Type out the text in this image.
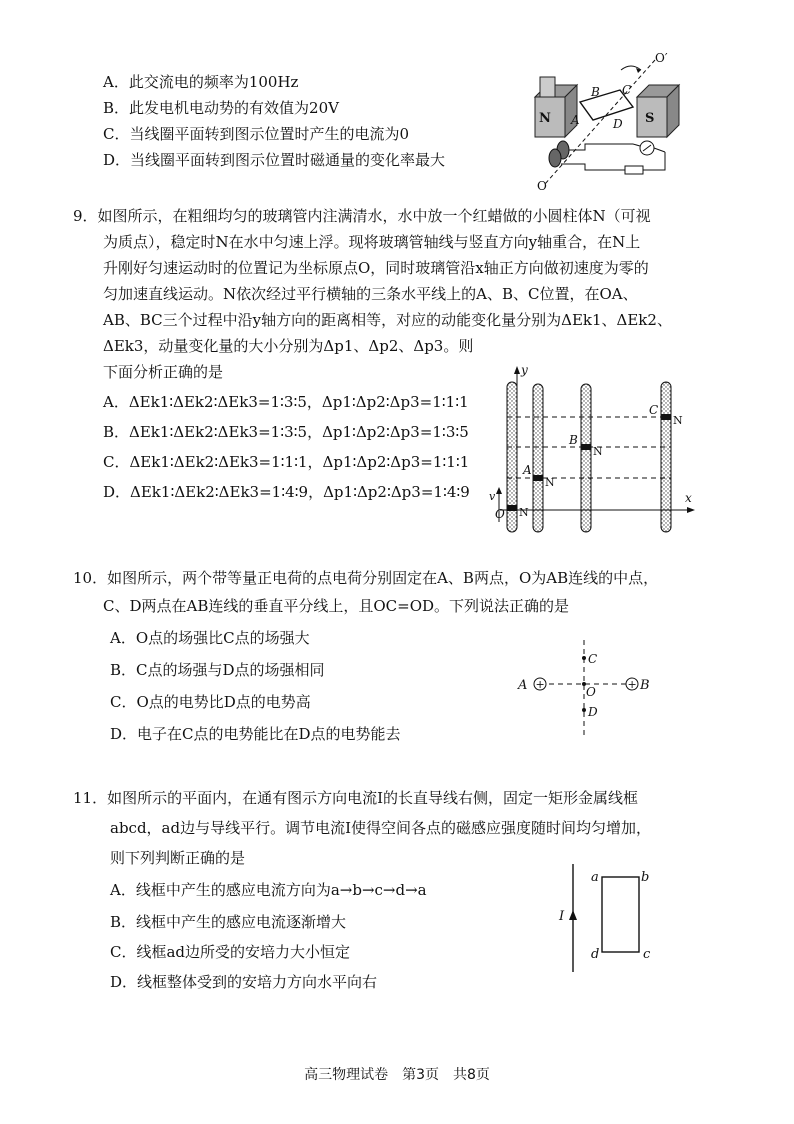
A．此交流电的频率为100Hz
B．此发电机电动势的有效值为20V
C．当线圈平面转到图示位置时产生的电流为0
D．当线圈平面转到图示位置时磁通量的变化率最大
O′
B C
N A	D S
O
9．如图所示，在粗细均匀的玻璃管内注满清水，水中放一个红蜡做的小圆柱体N（可视
为质点），稳定时N在水中匀速上浮。现将玻璃管轴线与竖直方向y轴重合，在N上
升刚好匀速运动时的位置记为坐标原点O，同时玻璃管沿x轴正方向做初速度为零的
匀加速直线运动。N依次经过平行横轴的三条水平线上的A、B、C位置，在OA、
AB、BC三个过程中沿y轴方向的距离相等，对应的动能变化量分别为ΔEk1、ΔEk2、
ΔEk3，动量变化量的大小分别为Δp1、Δp2、Δp3。则
下面分析正确的是
A．ΔEk1∶ΔEk2∶ΔEk3=1∶3∶5，Δp1∶Δp2∶Δp3=1∶1∶1
B．ΔEk1∶ΔEk2∶ΔEk3=1∶3∶5，Δp1∶Δp2∶Δp3=1∶3∶5
C．ΔEk1∶ΔEk2∶ΔEk3=1∶1∶1，Δp1∶Δp2∶Δp3=1∶1∶1
D．ΔEk1∶ΔEk2∶ΔEk3=1∶4∶9，Δp1∶Δp2∶Δp3=1∶4∶9
y
x
v
O N
A
N
B
N
C
N
10．如图所示，两个带等量正电荷的点电荷分别固定在A、B两点，O为AB连线的中点，
C、D两点在AB连线的垂直平分线上，且OC=OD。下列说法正确的是
A．O点的场强比C点的场强大
B．C点的场强与D点的场强相同
C．O点的电势比D点的电势高
D．电子在C点的电势能比在D点的电势能去
+	+
A	B
O
C
D
11．如图所示的平面内，在通有图示方向电流I的长直导线右侧，固定一矩形金属线框
abcd，ad边与导线平行。调节电流I使得空间各点的磁感应强度随时间均匀增加，
则下列判断正确的是
A．线框中产生的感应电流方向为a→b→c→d→a
B．线框中产生的感应电流逐渐增大
C．线框ad边所受的安培力大小恒定
D．线框整体受到的安培力方向水平向右
a	b
d	c
I
高三物理试卷　第3页　共8页
